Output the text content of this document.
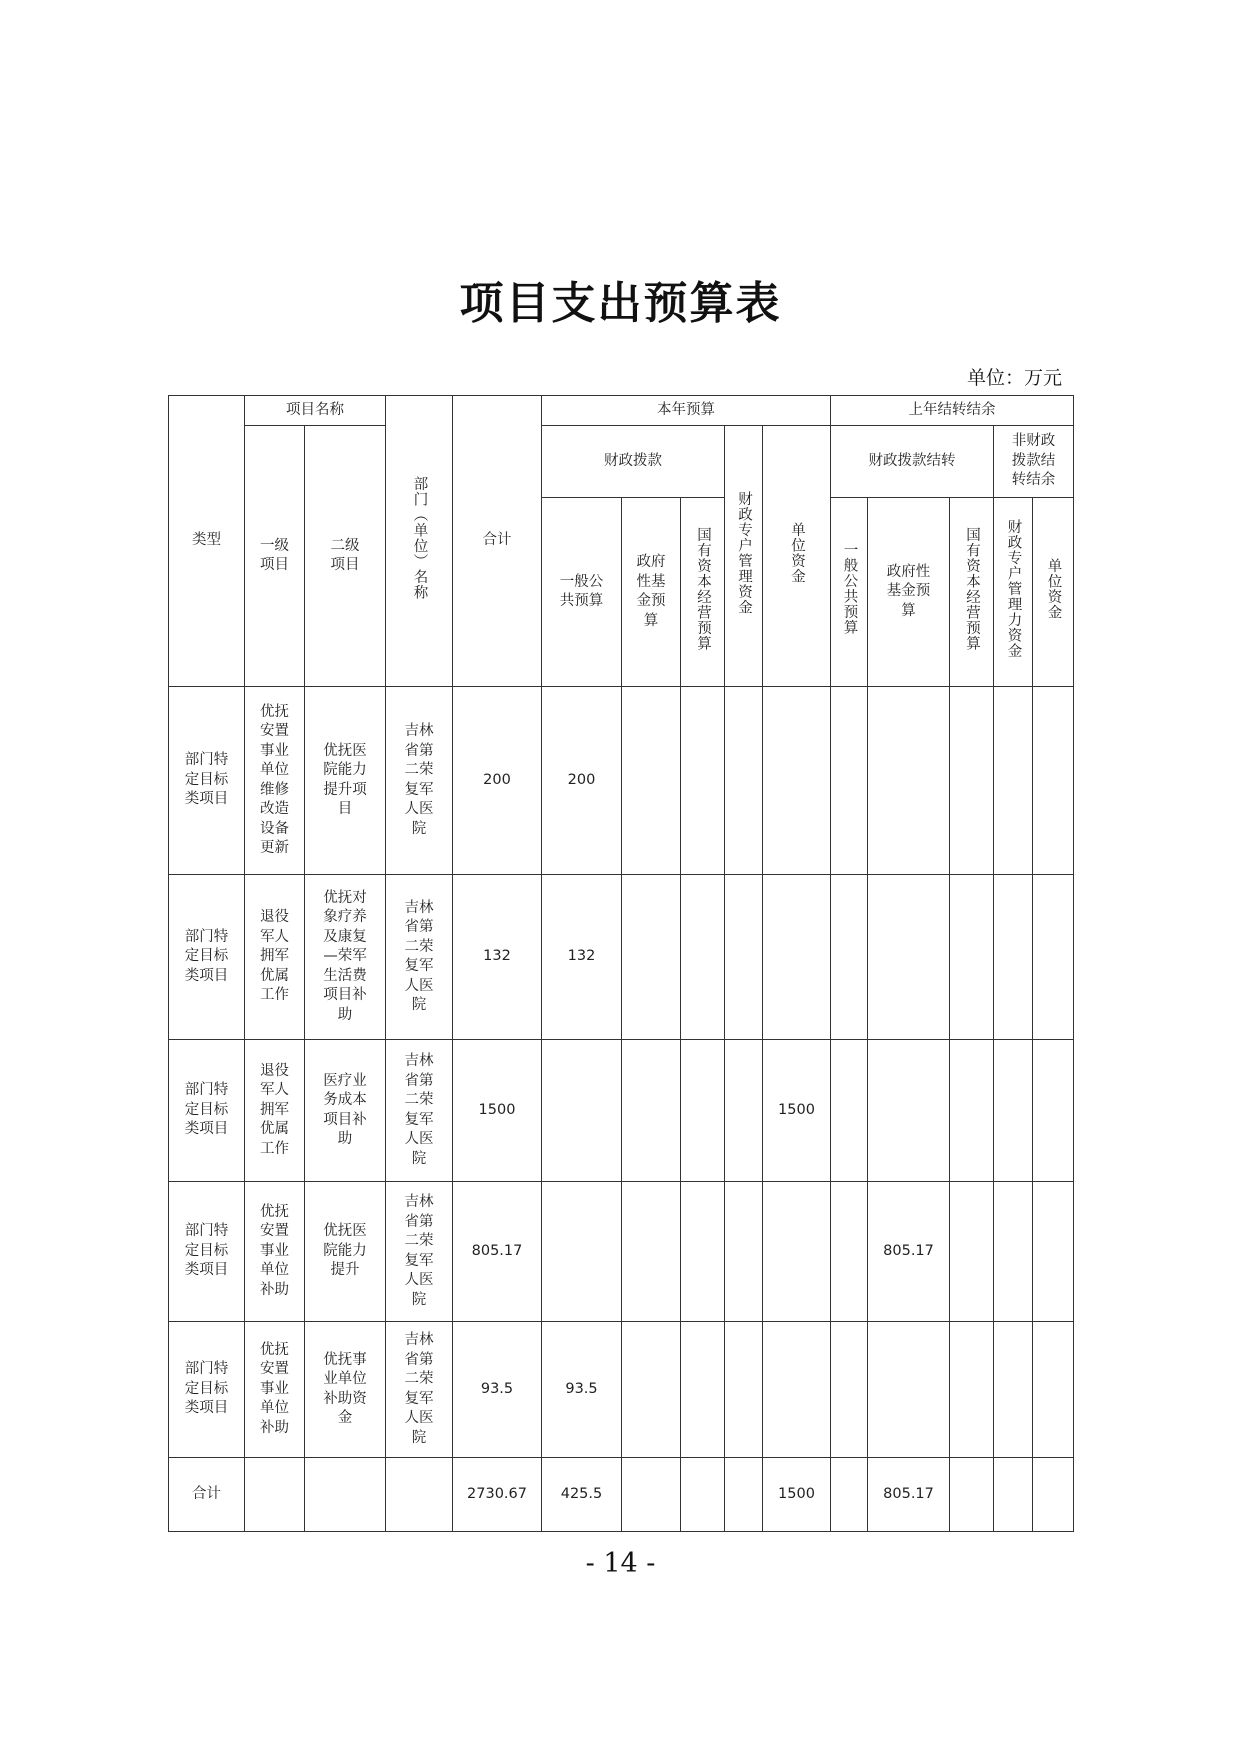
项目支出预算表
单位：万元
类型	项目名称		部门（单位）名称	合计	本年预算					上年结转结余				
	一级项目	二级项目			财政拨款			财政专户管理资金	单位资金	财政拨款结转			非财政拨款结转结余	
					一般公共预算	政府性基金预算	国有资本经营预算			一般公共预算	政府性基金预算	国有资本经营预算	财政专户管理力资金	单位资金
部门特定目标类项目	优抚安置事业单位维修改造设备更新	优抚医院能力提升项目	吉林省第二荣复军人医院	200	200									
部门特定目标类项目	退役军人拥军优属工作	优抚对象疗养及康复—荣军生活费项目补助	吉林省第二荣复军人医院	132	132									
部门特定目标类项目	退役军人拥军优属工作	医疗业务成本项目补助	吉林省第二荣复军人医院	1500					1500					
部门特定目标类项目	优抚安置事业单位补助	优抚医院能力提升	吉林省第二荣复军人医院	805.17							805.17			
部门特定目标类项目	优抚安置事业单位补助	优抚事业单位补助资金	吉林省第二荣复军人医院	93.5	93.5									
合计				2730.67	425.5				1500		805.17			
- 14 -
